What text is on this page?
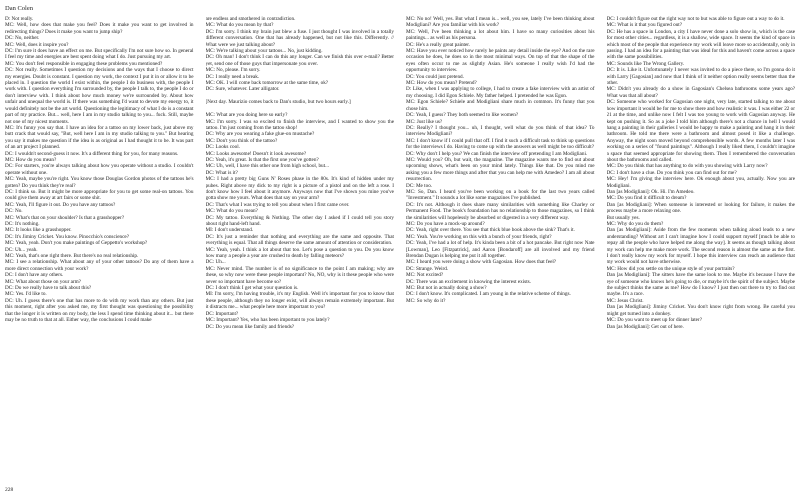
Dan Colen

D: Not really.

MC: Well, how does that make you feel? Does it make you want to get involved in redirecting things? Does it make you want to jump ship?

DC: No, neither.

MC: Well, does it inspire you?

DC: I'm sure it does have an effect on me. But specifically I'm not sure how so. In general I feel my time and energies are best spent doing what I do. Just pursuing my art.

MC: You don't feel responsible in engaging these problems you mentioned?

DC: Not really. Sometimes I question my decisions and the ways that I choose to direct my energies. Doubt is constant. I question my work, the context I put it in or allow it to be placed in. I question the world I exist within, the people I do business with, the people I work with. I question everything I'm surrounded by, the people I talk to, the people I do or don't interview with. I think about how much money we're surrounded by. About how unfair and unequal the world is. If there was something I'd want to devote my energy to, it would definitely not be the art world. Questioning the legitimacy of what I do is a constant part of my practice. But... well, here I am in my studio talking to you... fuck. Still, maybe not one of my nicest moments.

MC: It's funny you say that. I have an idea for a tattoo on my lower back, just above my butt crack that would say, "But, well here I am in my studio talking to you." But hearing you say it makes me question if the idea is as original as I had thought it to be. It was part of an art project I planned.

DC: I wouldn't second-guess it now. It's a different thing for you, for many reasons.

MC: How do you mean?

DC: For starters, you're always talking about how you operate without a studio. I couldn't operate without one.

MC: Yeah, maybe you're right. You know those Douglas Gordon photos of the tattoos he's gotten? Do you think they're real?

DC: I think so. But it might be more appropriate for you to get some real-on tattoos. You could give them away at art fairs or some shit.

MC: Yeah, I'll figure it out. Do you have any tattoos?

DC: No.

MC: What's that on your shoulder? Is that a grasshopper?

DC: It's nothing.

MC: It looks like a grasshopper.

DC: It's Jiminy Cricket. You know. Pinocchio's conscience?

MC: Yeah, yeah. Don't you make paintings of Geppetto's workshop?

DC: Uh... yeah.

MC: Yeah, that's one right there. But there's no real relationship.

MC: I see a relationship. What about any of your other tattoos? Do any of them have a more direct connection with your work?

DC: I don't have any others.

MC: What about those on your arm?

DC: Do we really have to talk about this?

MC: Yes. I'd like to.

DC: Uh. I guess there's one that has more to do with my work than any others. But just this moment, right after you asked me, my first thought was questioning the possibility that the longer it is written on my body, the less I spend time thinking about it... but there may be no truth to that at all. Either way, the conclusions I could make

are endless and smothered in contradiction.

MC: What do you mean by that?

DC: I'm sorry. I think my brain just blew a fuse. I just thought I was involved in a totally different conversation. One that has already happened, but not like this. Differently. // What were we just talking about?

MC: We're talking about your tattoos... No, just kidding.

DC: Oh man! I don't think I can do this any longer. Can we finish this over e-mail? Better yet, send one of those guys that impersonate you over.

MC: No, please. I'm sorry.

DC: I really need a break.

MC: OK. I will come back tomorrow at the same time, ok?

DC: Sure, whatever. Later alligator.

[Next day. Maurizio comes back to Dan's studio, but two hours early.]

MC: What are you doing here so early?

MC: I'm sorry. I was so excited to finish the interview, and I wanted to show you the tattoo. I'm just coming from the tattoo shop!

DC: Why are you wearing a fake glue-on mustache?

MC: Don't you think of the tattoo?

DC: Looks cool.

MC: Looks awesome! Doesn't it look awesome?

DC: Yeah, it's great. Is that the first one you've gotten?

MC: Uh, well, I have this other one from high school, but...

DC: What is it?

MC: I had a pretty big Guns N' Roses phase in the 80s. It's kind of hidden under my pubes. Right above my dick to my right is a picture of a pistol and on the left a rose. I don't know how I feel about it anymore. Anyways now that I've shown you mine you've gotta show me yours. What does that say on your arm?

DC: That's what I was trying to tell you about when I first came over.

MC: What do you mean?

DC: My tattoo. Everything & Nothing. The other day I asked if I could tell you story about right hand-left hand.

MI: I don't understand.

DC: It's just a reminder that nothing and everything are the same and opposite. That everything is equal. That all things deserve the same amount of attention or consideration.

MC: Yeah, yeah. I think a lot about that too. Let's pose a question to you. Do you know how many a people a year are crushed to death by falling meteors?

DC: Uh...

MC: Never mind. The number is of no significance to the point I am making; why are these, so why now were these people important? No, NO, why is it these people who were never so important have become so?

DC: I don't think I get what your question is.

MI: I'm sorry, I'm having trouble, it's my English. Well it's important for you to know that these people, although they no longer exist, will always remain extremely important. But it distracts me... what people here more important to you?

DC: Important?

MC: Important? Yes, who has been important to you lately?

DC: Do you mean like family and friends?

MC: No no! Well, yes. But what I mean is... well, you see, lately I've been thinking about Modigliani? Are you familiar with his work?

MC: Well, I've been thinking a lot about him. I have so many curiosities about his paintings... as well as his persona.

DC: He's a really great painter.

MC: Have you ever noticed how rarely he paints any detail inside the eye? And on the rare occasion he does, he does so in the most minimal ways. On top of that the shape of the eyes often occur to me as slightly Asian. He's someone I really wish I'd had the opportunity to interview.

DC: You could just pretend.

MC: How do you mean? Pretend?

D: Like, when I was applying to college, I had to create a fake interview with an artist of my choosing. I did Egon Schiele. My father helped. I pretended he was Egon.

MC: Egon Schiele? Schiele and Modigliani share much in common. It's funny that you chose him.

DC: Yeah, I guess? They both seemed to like women?

MC: Just like us?

DC: Really? I thought you... uh, I thought, well what do you think of that idea? To interview Modigliani?

MC: I don't know if I could pull that off. I find it such a difficult task to think up questions for the interviews I do. Having to come up with the answers as well might be too difficult?

DC: Why don't I help you? We can finish the interview off pretending I am Modigliani.

MC: Would you? Oh, but wait, the magazine. The magazine wants me to find out about upcoming shows, what's been on your mind lately. Things like that. Do you mind me asking you a few more things and after that you can help me with Amedeo? I am all about resurrection.

DC: Me too.

MC: So, Dan. I heard you've been working on a book for the last two years called "Investment." It sounds a lot like some magazines I've published.

DC: It's not. Although it does share many similarities with something like Charley or Permanent Food. The book's foundation has no relationship to those magazines, so I think the similarities will hopelessly be absorbed or digested in a very different way.

MC: Do you have a mock-up around?

DC: Yeah, right over there. You see that thick blue book above the sink? That's it.

MC: Yeah. You're working on this with a bunch of your friends, right?

DC: Yeah, I've had a lot of help. It's kinda been a bit of a hot pancake. But right now Nate [Lowman], Leo [Fitzpatrick], and Aaron [Bondaroff] are all involved and my friend Brendan Dugan is helping me put it all together.

MC: I heard you were doing a show with Gagosian. How does that feel?

DC: Strange. Weird.

MC: Not excited?

DC: There was an excitement in knowing the interest exists.

MC: But not in actually doing a show?

DC: I don't know. It's complicated. I am young in the relative scheme of things.

MC: So why do it?

DC: I couldn't figure out the right way not to but was able to figure out a way to do it.

MC: What is it that you figured out?

DC: He has a space in London, a city I have never done a solo show in, which is the case for most other cities... regardless, it is a shallow, wide space. It seems the kind of space in which most of the people that experience my work will leave more so accidentally, only in passing. I had an idea for a painting that was ideal for this and haven't come across a space with the same possibilities.

MC: Sounds like The Wrong Gallery.

DC: It is. Like it. Unfortunately I never was invited to do a piece there, so I'm gonna do it with Larry [Gagosian] and now that I think of it neither option really seems better than the other.

MC: Didn't you already do a show in Gagosian's Chelsea bathrooms some years ago? What was that all about?

DC: Someone who worked for Gagosian one night, very late, started talking to me about how important it would be for me to show there and how realistic it was. I was either 22 or 21 at the time, and unlike now I felt I was too young to work with Gagosian anyway. He kept on pushing it. So as a joke I told him although there's not a chance in hell I would hang a painting in their galleries I would be happy to make a painting and hang it in their bathroom. He told me there were a bathroom and almost posed it like a challenge. Anyway, the night soon moved beyond comprehensible words. A few months later I was working on a series of "found paintings". Although I really liked them, I couldn't imagine a space that seemed appropriate for showing them. Then I remembered the conversation about the bathrooms and called.

MC: Do you think that has anything to do with you showing with Larry now?

DC: I don't have a clue. Do you think you can find out for me?

MC: Hey! I'm giving the interview here. Ok enough about you, actually. Now you are Modigliani.

Dan [as Modigliani]: Ok. Hi. I'm Amedeo.

MC: Do you find it difficult to dream?

Dan [as Modigliani]: When someone is interested or looking for failure, it makes the process maybe a more relaxing one.

But usually yes.

MC: Why do you do them?

Dan [as Modigliani]: Aside from the few moments when talking aloud leads to a new understanding? Without art I can't imagine how I could support myself [much be able to repay all the people who have helped me along the way]. It seems as though talking about my work can help me make more work. The second reason is almost the same as the first. I don't really know my work for myself. I hope this interview can reach an audience that my work would not have otherwise.

MC: How did you settle on the unique style of your portraits?

Dan [as Modigliani]: The sitters have the same look to me. Maybe it's because I have the eye of someone who knows he's going to die, or maybe it's the spirit of the subject. Maybe the subject thinks the same as me? How do I know? I just then out there to try to find out maybe. It's a race.

MC: Jesus Christ.

Dan [as Modigliani]: Jiminy Cricket. You don't know right from wrong. Be careful you might get turned into a donkey.

MC: Do you want to meet up for dinner later?

Dan [as Modigliani]: Get out of here.

228
